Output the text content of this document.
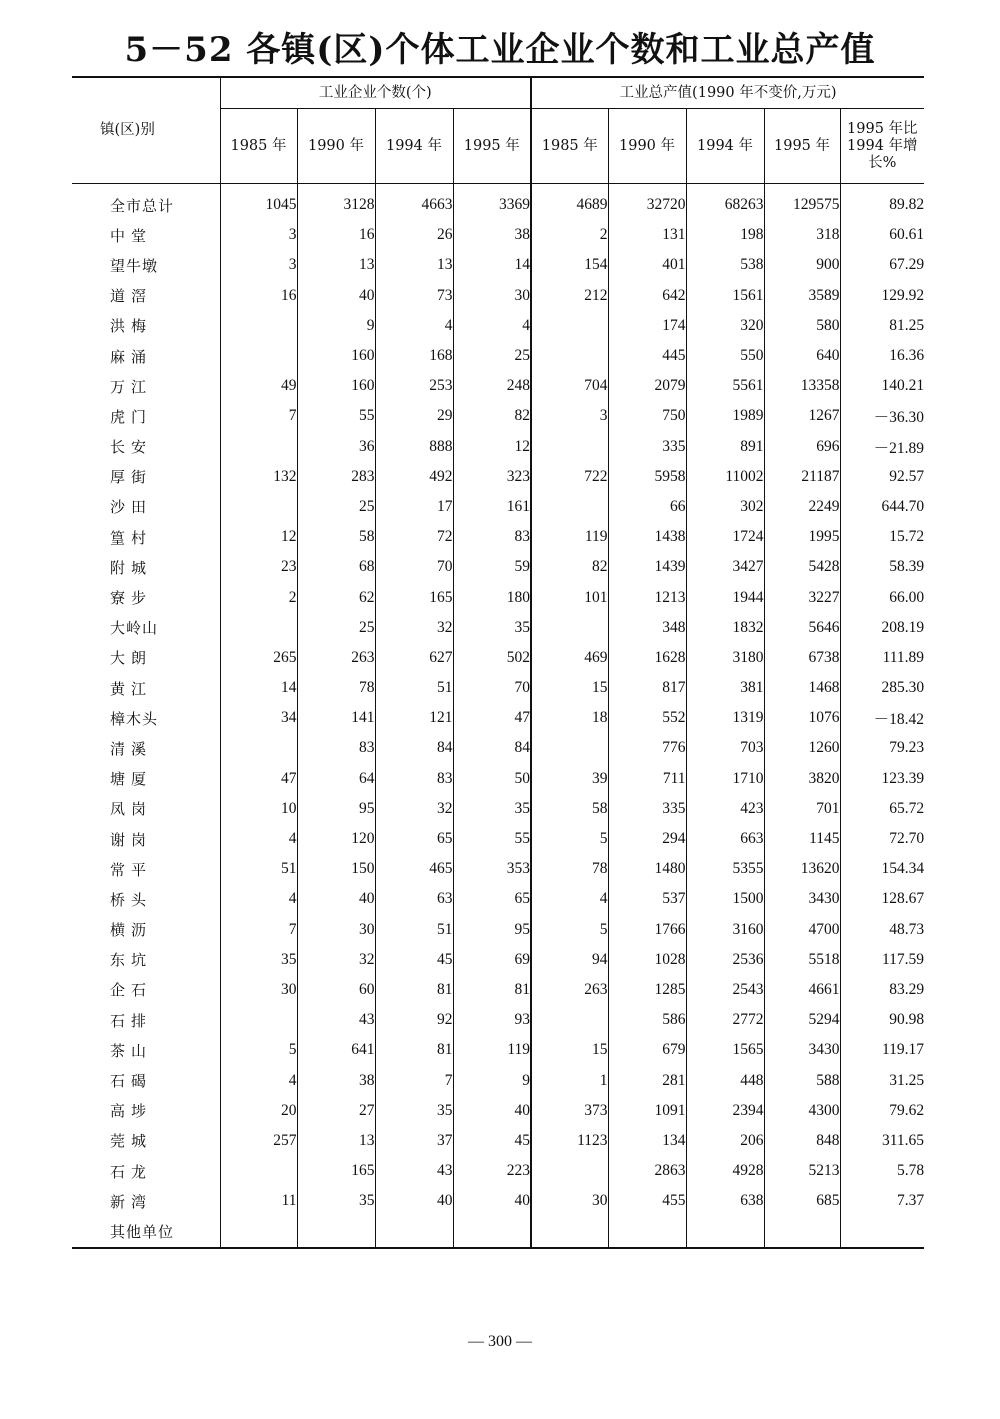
5－52 各镇(区)个体工业企业个数和工业总产值
镇(区)别	工业企业个数(个)				工业总产值(1990 年不变价,万元)				
	1985 年	1990 年	1994 年	1995 年	1985 年	1990 年	1994 年	1995 年	1995 年比 1994 年增长%
全市总计	1045	3128	4663	3369	4689	32720	68263	129575	89.82
中堂	3	16	26	38	2	131	198	318	60.61
望牛墩	3	13	13	14	154	401	538	900	67.29
道滘	16	40	73	30	212	642	1561	3589	129.92
洪梅		9	4	4		174	320	580	81.25
麻涌		160	168	25		445	550	640	16.36
万江	49	160	253	248	704	2079	5561	13358	140.21
虎门	7	55	29	82	3	750	1989	1267	－36.30
长安		36	888	12		335	891	696	－21.89
厚街	132	283	492	323	722	5958	11002	21187	92.57
沙田		25	17	161		66	302	2249	644.70
篁村	12	58	72	83	119	1438	1724	1995	15.72
附城	23	68	70	59	82	1439	3427	5428	58.39
寮步	2	62	165	180	101	1213	1944	3227	66.00
大岭山		25	32	35		348	1832	5646	208.19
大朗	265	263	627	502	469	1628	3180	6738	111.89
黄江	14	78	51	70	15	817	381	1468	285.30
樟木头	34	141	121	47	18	552	1319	1076	－18.42
清溪		83	84	84		776	703	1260	79.23
塘厦	47	64	83	50	39	711	1710	3820	123.39
凤岗	10	95	32	35	58	335	423	701	65.72
谢岗	4	120	65	55	5	294	663	1145	72.70
常平	51	150	465	353	78	1480	5355	13620	154.34
桥头	4	40	63	65	4	537	1500	3430	128.67
横沥	7	30	51	95	5	1766	3160	4700	48.73
东坑	35	32	45	69	94	1028	2536	5518	117.59
企石	30	60	81	81	263	1285	2543	4661	83.29
石排		43	92	93		586	2772	5294	90.98
茶山	5	641	81	119	15	679	1565	3430	119.17
石碣	4	38	7	9	1	281	448	588	31.25
高埗	20	27	35	40	373	1091	2394	4300	79.62
莞城	257	13	37	45	1123	134	206	848	311.65
石龙		165	43	223		2863	4928	5213	5.78
新湾	11	35	40	40	30	455	638	685	7.37
其他单位									
— 300 —
